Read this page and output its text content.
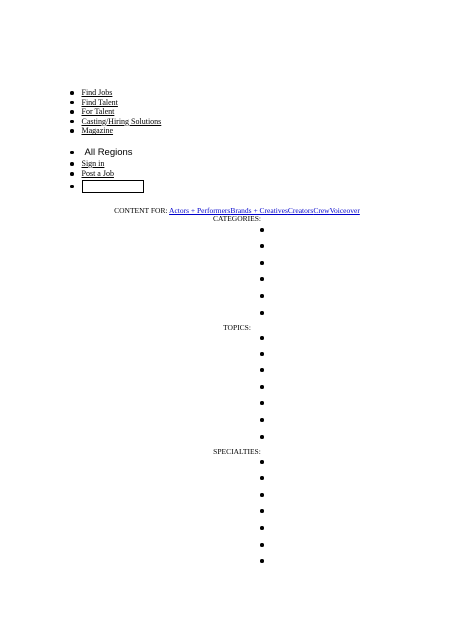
Find Jobs
Find Talent
For Talent
Casting/Hiring Solutions
Magazine
All Regions
Sign in
Post a Job
CONTENT FOR: Actors + PerformersBrands + CreativesCreatorsCrewVoiceover
CATEGORIES:
TOPICS:
SPECIALTIES:
